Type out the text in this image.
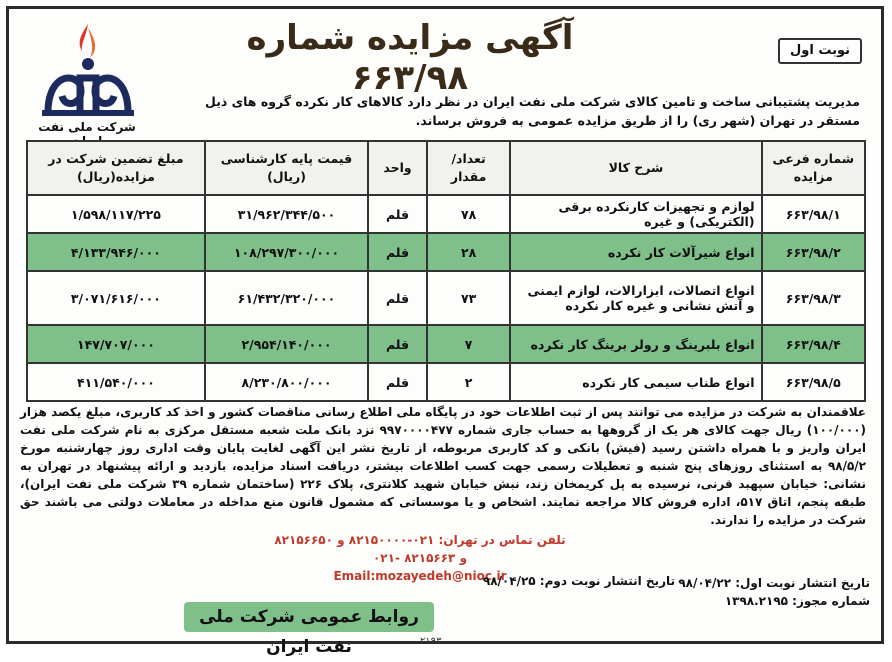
آگهی مزایده شماره ۶۶۳/۹۸
نوبت اول
شرکت ملی نفت
مدیریت پشتیبانی ساخت و تامین کالای شرکت ملی نفت ایران در نظر دارد کالاهای کار نکرده گروه های ذیل مستقر در تهران (شهر ری) را از طریق مزایده عمومی به فروش برساند.
شماره فرعی مزایده	شرح کالا	تعداد/مقدار	واحد	قیمت پایه کارشناسی (ریال)	مبلغ تضمین شرکت در مزایده(ریال)
۶۶۳/۹۸/۱	لوازم و تجهیزات کارنکرده برقی (الکتریکی) و غیره	۷۸	قلم	۳۱/۹۶۲/۳۴۴/۵۰۰	۱/۵۹۸/۱۱۷/۲۲۵
۶۶۳/۹۸/۲	انواع شیرآلات کار نکرده	۲۸	قلم	۱۰۸/۲۹۷/۳۰۰/۰۰۰	۴/۱۳۳/۹۴۶/۰۰۰
۶۶۳/۹۸/۳	انواع اتصالات، ابزارالات، لوازم ایمنی و آتش نشانی و غیره کار نکرده	۷۳	قلم	۶۱/۴۳۲/۳۲۰/۰۰۰	۳/۰۷۱/۶۱۶/۰۰۰
۶۶۳/۹۸/۴	انواع بلبرینگ و رولر برینگ کار نکرده	۷	قلم	۲/۹۵۴/۱۴۰/۰۰۰	۱۴۷/۷۰۷/۰۰۰
۶۶۳/۹۸/۵	انواع طناب سیمی کار نکرده	۲	قلم	۸/۲۳۰/۸۰۰/۰۰۰	۴۱۱/۵۴۰/۰۰۰
علاقمندان به شرکت در مزایده می توانند پس از ثبت اطلاعات خود در پایگاه ملی اطلاع رسانی مناقصات کشور و اخذ کد کاربری، مبلغ یکصد هزار (۱۰۰/۰۰۰) ریال جهت کالای هر یک از گروهها به حساب جاری شماره ۹۹۷۰۰۰۰۴۷۷ نزد بانک ملت شعبه مستقل مرکزی به نام شرکت ملی نفت ایران واریز و با همراه داشتن رسید (فیش) بانکی و کد کاربری مربوطه، از تاریخ نشر این آگهی لغایت پایان وقت اداری روز چهارشنبه مورخ ۹۸/۵/۲ به استثنای روزهای پنج شنبه و تعطیلات رسمی جهت کسب اطلاعات بیشتر، دریافت اسناد مزایده، بازدید و ارائه پیشنهاد در تهران به نشانی: خیابان سپهبد قرنی، نرسیده به پل کریمخان زند، نبش خیابان شهید کلانتری، پلاک ۲۲۶ (ساختمان شماره ۳۹ شرکت ملی نفت ایران)، طبقه پنجم، اتاق ۵۱۷، اداره فروش کالا مراجعه نمایند. اشخاص و یا موسساتی که مشمول قانون منع مداخله در معاملات دولتی می باشند حق شرکت در مزایده را ندارند.
تلفن تماس در تهران: ۰۲۱-۸۲۱۵۰۰۰۰ و ۸۲۱۵۶۶۵۰ و ۸۲۱۵۶۶۳ -۰۲۱
Email:mozayedeh@nioc.ir
تاریخ انتشار نوبت دوم: ۹۸/۰۴/۲۵ تاریخ انتشار نوبت اول: ۹۸/۰۴/۲۲
شماره مجوز: ۱۳۹۸.۲۱۹۵
روابط عمومی شرکت ملی نفت ایران	۲۱۹۳
